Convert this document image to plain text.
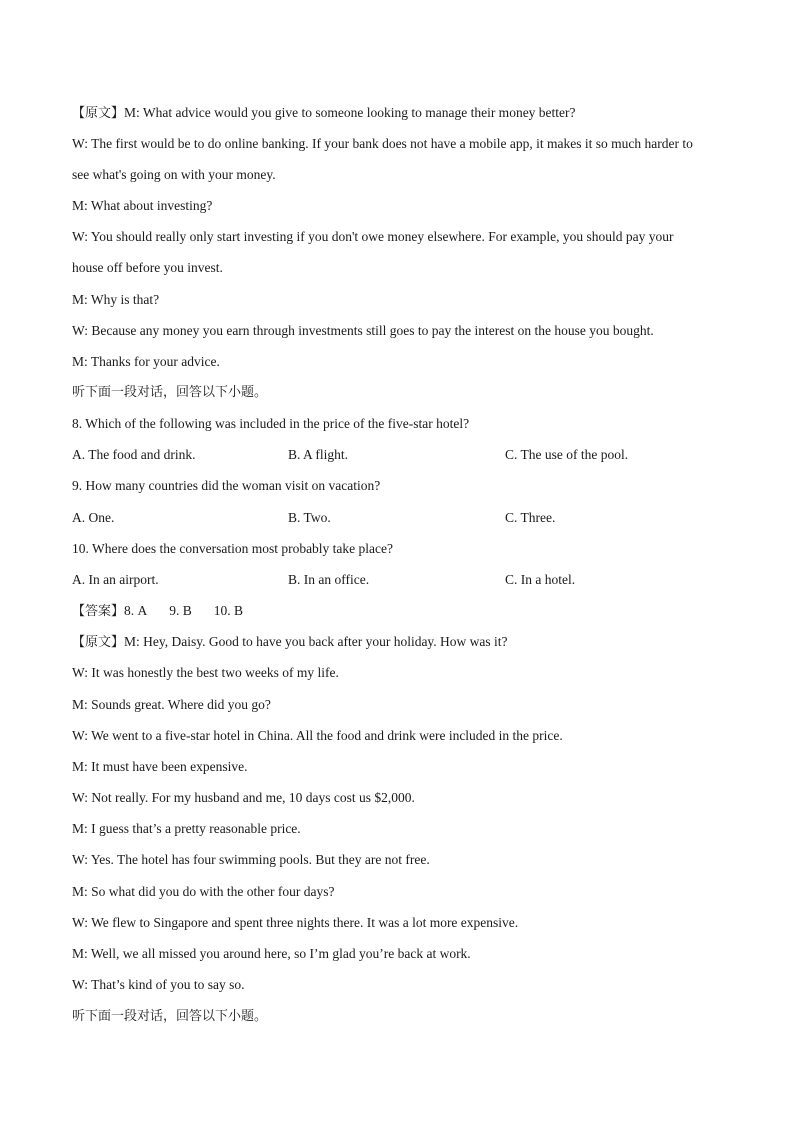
【原文】M: What advice would you give to someone looking to manage their money better?
W: The first would be to do online banking. If your bank does not have a mobile app, it makes it so much harder to
see what's going on with your money.
M: What about investing?
W: You should really only start investing if you don't owe money elsewhere. For example, you should pay your
house off before you invest.
M: Why is that?
W: Because any money you earn through investments still goes to pay the interest on the house you bought.
M: Thanks for your advice.
听下面一段对话，回答以下小题。
8. Which of the following was included in the price of the five-star hotel?
A. The food and drink.	B. A flight.	C. The use of the pool.
9. How many countries did the woman visit on vacation?
A. One.	B. Two.	C. Three.
10. Where does the conversation most probably take place?
A. In an airport.	B. In an office.	C. In a hotel.
【答案】8. A 9. B 10. B
【原文】M: Hey, Daisy. Good to have you back after your holiday. How was it?
W: It was honestly the best two weeks of my life.
M: Sounds great. Where did you go?
W: We went to a five-star hotel in China. All the food and drink were included in the price.
M: It must have been expensive.
W: Not really. For my husband and me, 10 days cost us $2,000.
M: I guess that’s a pretty reasonable price.
W: Yes. The hotel has four swimming pools. But they are not free.
M: So what did you do with the other four days?
W: We flew to Singapore and spent three nights there. It was a lot more expensive.
M: Well, we all missed you around here, so I’m glad you’re back at work.
W: That’s kind of you to say so.
听下面一段对话，回答以下小题。
